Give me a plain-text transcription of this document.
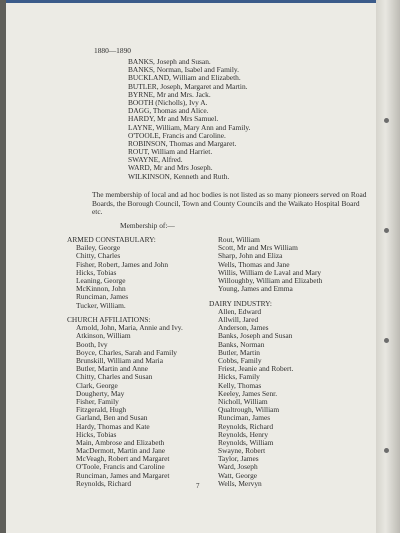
1880—1890
BANKS, Joseph and Susan.
BANKS, Norman, Isabel and Family.
BUCKLAND, William and Elizabeth.
BUTLER, Joseph, Margaret and Martin.
BYRNE, Mr and Mrs. Jack.
BOOTH (Nicholls), Ivy A.
DAGG, Thomas and Alice.
HARDY, Mr and Mrs Samuel.
LAYNE, William, Mary Ann and Family.
O'TOOLE, Francis and Caroline.
ROBINSON, Thomas and Margaret.
ROUT, William and Harriet.
SWAYNE, Alfred.
WARD, Mr and Mrs Joseph.
WILKINSON, Kenneth and Ruth.
The membership of local and ad hoc bodies is not listed as so many pioneers served on Road Boards, the Borough Council, Town and County Councils and the Waikato Hospital Board etc.
Membership of:—
ARMED CONSTABULARY:
Bailey, George
Chitty, Charles
Fisher, Robert, James and John
Hicks, Tobias
Leaning, George
McKinnon, John
Runciman, James
Tucker, William.
CHURCH AFFILIATIONS:
Arnold, John, Maria, Annie and Ivy.
Atkinson, William
Booth, Ivy
Boyce, Charles, Sarah and Family
Brunskill, William and Maria
Butler, Martin and Anne
Chitty, Charles and Susan
Clark, George
Dougherty, May
Fisher, Family
Fitzgerald, Hugh
Garland, Ben and Susan
Hardy, Thomas and Kate
Hicks, Tobias
Main, Ambrose and Elizabeth
MacDermott, Martin and Jane
McVeagh, Robert and Margaret
O'Toole, Francis and Caroline
Runciman, James and Margaret
Reynolds, Richard
Rout, William
Scott, Mr and Mrs William
Sharp, John and Eliza
Wells, Thomas and Jane
Willis, William de Laval and Mary
Willoughby, William and Elizabeth
Young, James and Emma
DAIRY INDUSTRY:
Allen, Edward
Allwill, Jared
Anderson, James
Banks, Joseph and Susan
Banks, Norman
Butler, Martin
Cobbs, Family
Friest, Jeanie and Robert.
Hicks, Family
Kelly, Thomas
Keeley, James Senr.
Nicholl, William
Qualtrough, William
Runciman, James
Reynolds, Richard
Reynolds, Henry
Reynolds, William
Swayne, Robert
Taylor, James
Ward, Joseph
Watt, George
Wells, Mervyn
7
